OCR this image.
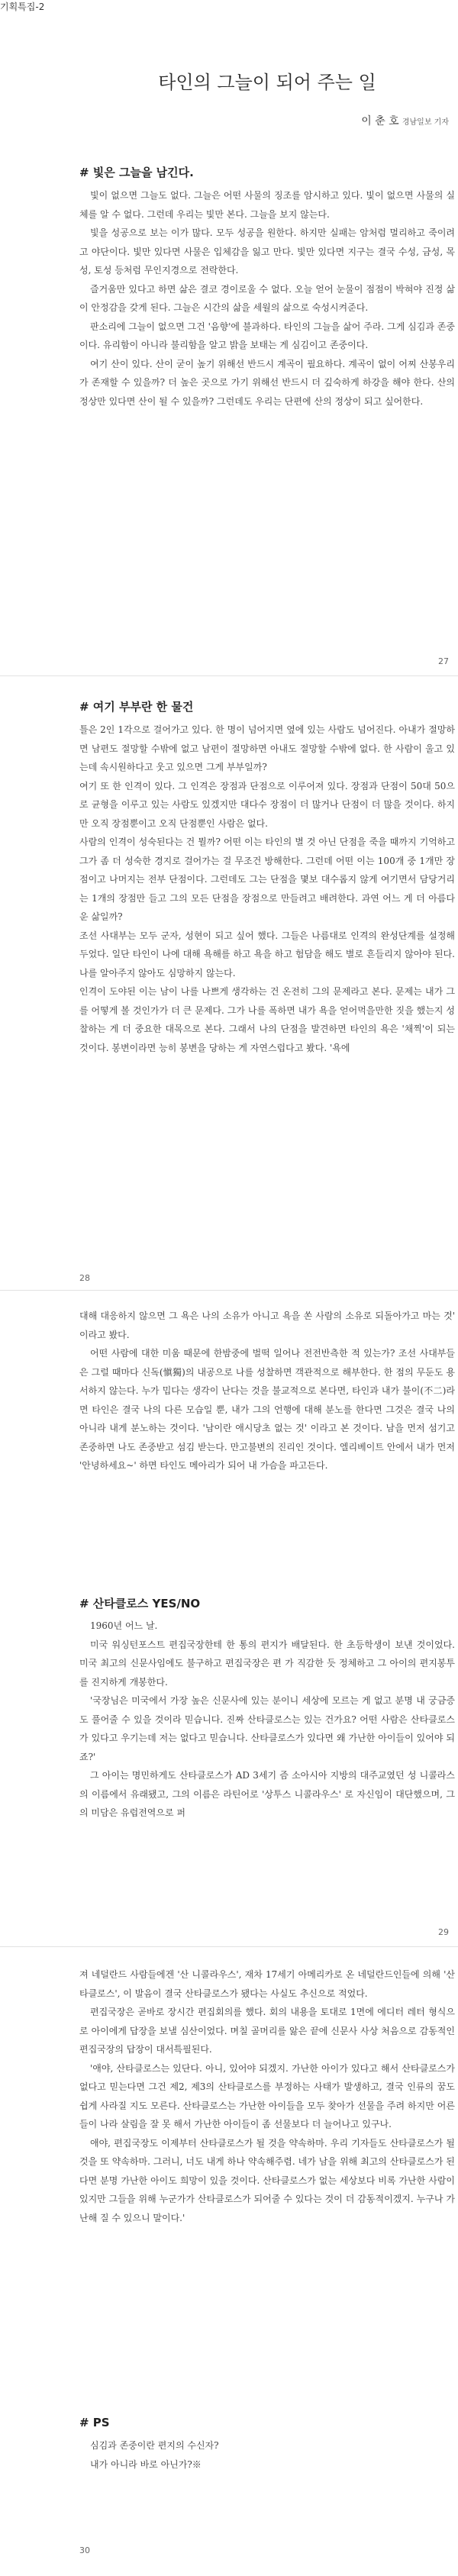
기획특집-2
타인의 그늘이 되어 주는 일
이 춘 호 경남일보 기자
# 빛은 그늘을 남긴다.

빛이 없으면 그늘도 없다. 그늘은 어떤 사물의 징조를 암시하고 있다. 빛이 없으면 사물의 실체를 알 수 없다. 그런데 우리는 빛만 본다. 그늘을 보지 않는다.

빛을 성공으로 보는 이가 많다. 모두 성공을 원한다. 하지만 실패는 암처럼 멀리하고 죽이려고 야단이다. 빛만 있다면 사물은 입체감을 잃고 만다. 빛만 있다면 지구는 결국 수성, 금성, 목성, 토성 등처럼 무인지경으로 전락한다.

즐거움만 있다고 하면 삶은 결코 경이로울 수 없다. 오늘 얻어 눈물이 점점이 박혀야 진정 삶이 안정감을 갖게 된다. 그늘은 시간의 삶을 세월의 삶으로 숙성시켜준다.

판소리에 그늘이 없으면 그건 '음향'에 불과하다. 타인의 그늘을 삶어 주라. 그게 심김과 존중이다. 유리함이 아니라 불리함을 알고 밝을 보태는 게 심김이고 존중이다.

여기 산이 있다. 산이 굳이 높기 위해선 반드시 계곡이 필요하다. 계곡이 없이 어찌 산봉우리가 존재할 수 있을까? 더 높은 곳으로 가기 위해선 반드시 더 깊숙하게 하강을 해야 한다. 산의 정상만 있다면 산이 될 수 있을까? 그런데도 우리는 단편에 산의 정상이 되고 싶어한다.

27
# 여기 부부란 한 물건

틀은 2인 1각으로 걸어가고 있다. 한 명이 넘어지면 옆에 있는 사람도 넘어진다. 아내가 절망하면 남편도 절망할 수밖에 없고 남편이 절망하면 아내도 절망할 수밖에 없다. 한 사람이 울고 있는데 속시원하다고 웃고 있으면 그게 부부일까?

여기 또 한 인격이 있다. 그 인격은 장점과 단점으로 이루어져 있다. 장점과 단점이 50대 50으로 균형을 이루고 있는 사람도 있겠지만 대다수 장점이 더 많거나 단점이 더 많을 것이다. 하지만 오직 장점뿐이고 오직 단점뿐인 사람은 없다.

사람의 인격이 성숙된다는 건 뭘까? 어떤 이는 타인의 별 것 아닌 단점을 죽을 때까지 기억하고 그가 좀 더 성숙한 경지로 걸어가는 걸 무조건 방해한다. 그런데 어떤 이는 100개 중 1개만 장점이고 나머지는 전부 단점이다. 그런데도 그는 단점을 몇보 대수롭지 않게 여기면서 담당거리는 1개의 장점만 들고 그의 모든 단점을 장점으로 만들려고 배려한다. 과연 어느 게 더 아름다운 삶일까?

조선 사대부는 모두 군자, 성현이 되고 싶어 했다. 그들은 나름대로 인격의 완성단계를 설정해두었다. 일단 타인이 나에 대해 욕해를 하고 욕을 하고 험담을 해도 별로 흔들리지 않아야 된다. 나를 알아주지 않아도 심망하지 않는다.

인격이 도야된 이는 남이 나를 나쁘게 생각하는 건 온전히 그의 문제라고 본다. 문제는 내가 그를 어떻게 볼 것인가가 더 큰 문제다. 그가 나를 폭하면 내가 욕을 얻어먹을만한 짓을 했는지 성찰하는 게 더 중요한 대목으로 본다. 그래서 나의 단점을 발견하면 타인의 욕은 '채찍'이 되는 것이다. 봉변이라면 능히 봉변을 당하는 게 자연스럽다고 봤다. '욕에

28

대해 대응하지 않으면 그 욕은 나의 소유가 아니고 욕을 쏜 사람의 소유로 되돌아가고 마는 것' 이라고 봤다.

어떤 사람에 대한 미움 때문에 한밤중에 벌떡 일어나 전전반측한 적 있는가? 조선 사대부들은 그럴 때마다 신독(愼獨)의 내공으로 나를 성찰하면 객관적으로 해부한다. 한 점의 무둔도 용서하지 않는다. 누가 밉다는 생각이 난다는 것을 불교적으로 본다면, 타인과 내가 불이(不二)라면 타인은 결국 나의 다른 모습일 뿐, 내가 그의 언행에 대해 분노를 한다면 그것은 결국 나의 아니라 내게 분노하는 것이다. '남이란 애시당초 없는 것' 이라고 본 것이다. 남을 먼저 섬기고 존중하면 나도 존중받고 섬김 받는다. 만고불변의 진리인 것이다. 엘리베이트 안에서 내가 먼저 '안녕하세요~' 하면 타인도 메아리가 되어 내 가슴을 파고든다.

# 산타클로스 YES/NO

1960년 어느 날.

미국 워싱턴포스트 편집국장한테 한 통의 편지가 배달된다. 한 초등학생이 보낸 것이었다. 미국 최고의 신문사임에도 불구하고 편집국장은 편 가 직감한 듯 정체하고 그 아이의 편지봉투를 진지하게 개봉한다.

'국장님은 미국에서 가장 높은 신문사에 있는 분이니 세상에 모르는 게 없고 분명 내 궁금증도 풀어줄 수 있을 것이라 믿습니다. 진짜 산타클로스는 있는 건가요? 어떤 사람은 산타클로스가 있다고 우기는데 저는 없다고 믿습니다. 산타클로스가 있다면 왜 가난한 아이들이 있어야 되죠?'

그 아이는 명민하게도 산타클로스가 AD 3세기 즘 소아시아 지방의 대주교였던 성 니콜라스의 이름에서 유래됐고, 그의 이름은 라틴어로 '상투스 니콜라우스' 로 자신임이 대단했으며, 그의 미담은 유럽전역으로 퍼

29

져 네덜란드 사람들에겐 '산 니콜라우스', 재차 17세기 아메리카로 온 네덜란드인들에 의해 '산타클로스', 이 발음이 결국 산타클로스가 됐다는 사실도 추신으로 적었다.

편집국장은 곧바로 장시간 편집회의를 했다. 회의 내용을 토대로 1면에 에디터 레터 형식으로 아이에게 답장을 보낼 심산이었다. 며칠 골머리를 앓은 끝에 신문사 사상 처음으로 감동적인 편집국장의 답장이 대서특필된다.

'애야, 산타클로스는 있단다. 아니, 있어야 되겠지. 가난한 아이가 있다고 해서 산타클로스가 없다고 믿는다면 그건 제2, 제3의 산타클로스를 부정하는 사태가 발생하고, 결국 인류의 꿈도 쉽게 사라질 지도 모른다. 산타클로스는 가난한 아이들을 모두 찾아가 선물을 주려 하지만 어른들이 나라 살림을 잘 못 해서 가난한 아이들이 좀 선물보다 더 늘어나고 있구나.

애야, 편집국장도 이제부터 산타클로스가 될 것을 약속하마. 우리 기자들도 산타클로스가 될 것을 또 약속하마. 그러니, 너도 내게 하나 약속해주렴. 네가 남을 위해 최고의 산타클로스가 된다면 분명 가난한 아이도 희망이 있을 것이다. 산타클로스가 없는 세상보다 비록 가난한 사람이 있지만 그들을 위해 누군가가 산타클로스가 되어줄 수 있다는 것이 더 감동적이겠지. 누구나 가난해 질 수 있으니 말이다.'

# PS

심김과 존중이란 편지의 수신자?

내가 아니라 바로 아닌가?※

30
